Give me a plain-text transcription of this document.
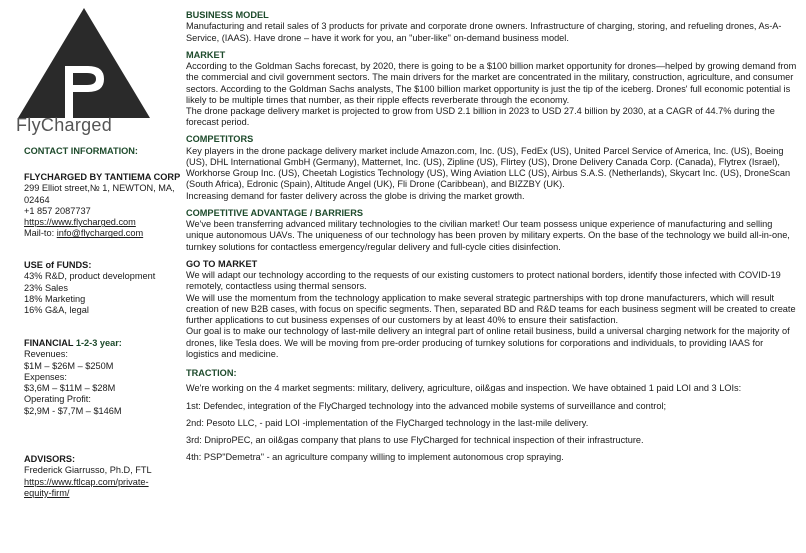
FlyCharged
CONTACT INFORMATION:
FLYCHARGED BY TANTIEMA CORP
299 Elliot street,№ 1, NEWTON, MA,
02464
+1 857 2087737
https://www.flycharged.com
Mail-to: info@flycharged.com
USE of FUNDS:
43% R&D, product development
23% Sales
18% Marketing
16% G&A, legal
FINANCIAL 1-2-3 year:
Revenues:
$1M – $26M – $250M
Expenses:
$3,6M – $11M – $28M
Operating Profit:
$2,9M - $7,7M – $146M
ADVISORS:
Frederick Giarrusso, Ph.D, FTL
https://www.ftlcap.com/private-
equity-firm/
BUSINESS MODEL

Manufacturing and retail sales of 3 products for private and corporate drone owners. Infrastructure of charging, storing, and refueling drones, As-A-Service, (IAAS). Have drone – have it work for you, an "uber-like" on-demand business model.

MARKET

According to the Goldman Sachs forecast, by 2020, there is going to be a $100 billion market opportunity for drones—helped by growing demand from the commercial and civil government sectors. The main drivers for the market are concentrated in the military, construction, agriculture, and consumer sectors. According to the Goldman Sachs analysts, The $100 billion market opportunity is just the tip of the iceberg. Drones' full economic potential is likely to be multiple times that number, as their ripple effects reverberate through the economy.

The drone package delivery market is projected to grow from USD 2.1 billion in 2023 to USD 27.4 billion by 2030, at a CAGR of 44.7% during the forecast period.

COMPETITORS

Key players in the drone package delivery market include Amazon.com, Inc. (US), FedEx (US), United Parcel Service of America, Inc. (US), Boeing (US), DHL International GmbH (Germany), Matternet, Inc. (US), Zipline (US), Flirtey (US), Drone Delivery Canada Corp. (Canada), Flytrex (Israel), Workhorse Group Inc. (US), Cheetah Logistics Technology (US), Wing Aviation LLC (US), Airbus S.A.S. (Netherlands), Skycart Inc. (US), DroneScan (South Africa), Edronic (Spain), Altitude Angel (UK), Fli Drone (Caribbean), and BIZZBY (UK).

Increasing demand for faster delivery across the globe is driving the market growth.

COMPETITIVE ADVANTAGE / BARRIERS

We've been transferring advanced military technologies to the civilian market! Our team possess unique experience of manufacturing and selling unique autonomous UAVs. The uniqueness of our technology has been proven by military experts. On the base of the technology we build all-in-one, turnkey solutions for contactless emergency/regular delivery and full-cycle cities disinfection.

GO TO MARKET

We will adapt our technology according to the requests of our existing customers to protect national borders, identify those infected with COVID-19 remotely, contactless using thermal sensors.

We will use the momentum from the technology application to make several strategic partnerships with top drone manufacturers, which will result creation of new B2B cases, with focus on specific segments. Then, separated BD and R&D teams for each business segment will be created to create further applications to cut business expenses of our customers by at least 40% to ensure their satisfaction.

Our goal is to make our technology of last-mile delivery an integral part of online retail business, build a universal charging network for the majority of drones, like Tesla does. We will be moving from pre-order producing of turnkey solutions for corporations and individuals, to providing IAAS for logistics and medicine.

TRACTION:

We're working on the 4 market segments: military, delivery, agriculture, oil&gas and inspection. We have obtained 1 paid LOI and 3 LOIs:

1st: Defendec, integration of the FlyCharged technology into the advanced mobile systems of surveillance and control;

2nd: Pesoto LLC, - paid LOI -implementation of the FlyCharged technology in the last-mile delivery.

3rd: DniproPEC, an oil&gas company that plans to use FlyCharged for technical inspection of their infrastructure.

4th: PSP"Demetra" - an agriculture company willing to implement autonomous crop spraying.
